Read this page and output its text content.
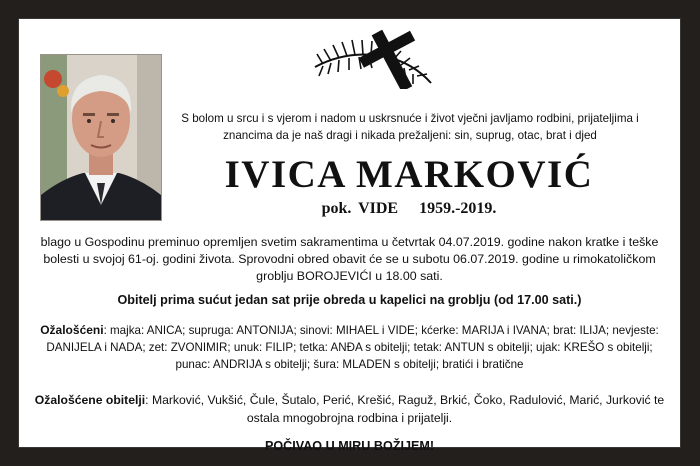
S bolom u srcu i s vjerom i nadom u uskrsnuće i život vječni javljamo rodbini, prijateljima i znancima da je naš dragi i nikada prežaljeni: sin, suprug, otac, brat i djed
IVICA MARKOVIĆ
pok. VIDE 1959.-2019.
blago u Gospodinu preminuo opremljen svetim sakramentima u četvrtak 04.07.2019. godine nakon kratke i teške bolesti u svojoj 61-oj. godini života. Sprovodni obred obavit će se u subotu 06.07.2019. godine u rimokatoličkom groblju BOROJEVIĆI u 18.00 sati.
Obitelj prima sućut jedan sat prije obreda u kapelici na groblju (od 17.00 sati.)
Ožalošćeni: majka: ANICA; supruga: ANTONIJA; sinovi: MIHAEL i VIDE; kćerke: MARIJA i IVANA; brat: ILIJA; nevjeste: DANIJELA i NADA; zet: ZVONIMIR; unuk: FILIP; tetka: ANĐA s obitelji; tetak: ANTUN s obitelji; ujak: KREŠO s obitelji; punac: ANDRIJA s obitelji; šura: MLADEN s obitelji; bratići i bratične
Ožalošćene obitelji: Marković, Vukšić, Čule, Šutalo, Perić, Krešić, Raguž, Brkić, Čoko, Radulović, Marić, Jurković te ostala mnogobrojna rodbina i prijatelji.
POČIVAO U MIRU BOŽIJEM!
